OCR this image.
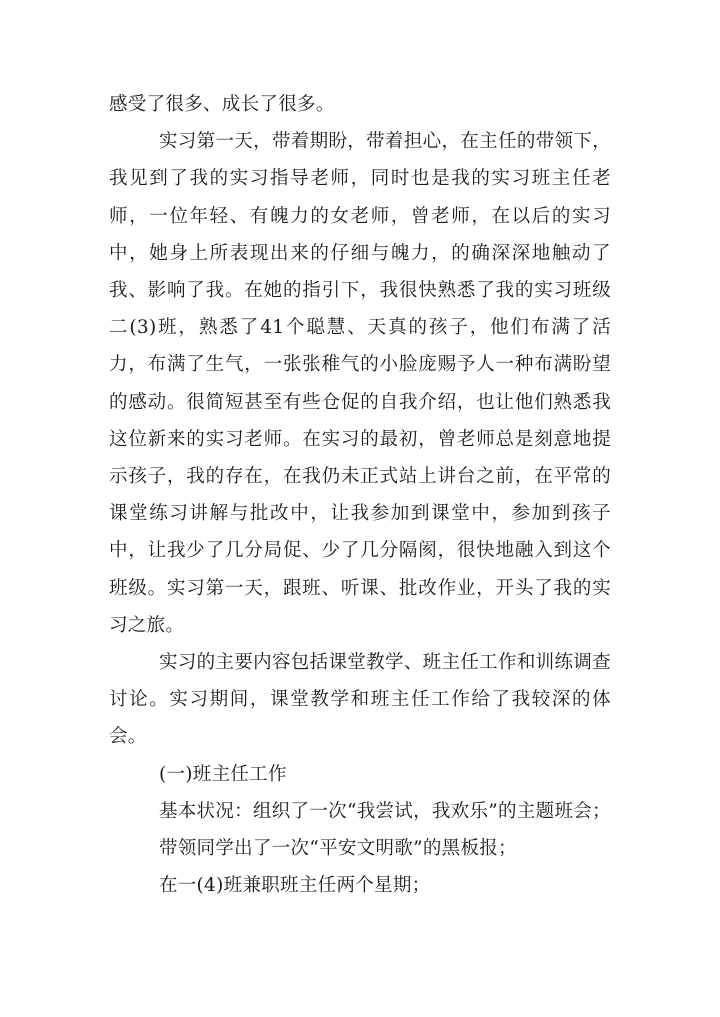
感受了很多、成长了很多。

实习第一天，带着期盼，带着担心，在主任的带领下，我见到了我的实习指导老师，同时也是我的实习班主任老师，一位年轻、有魄力的女老师，曾老师，在以后的实习中，她身上所表现出来的仔细与魄力，的确深深地触动了我、影响了我。在她的指引下，我很快熟悉了我的实习班级二(3)班，熟悉了41个聪慧、天真的孩子，他们布满了活力，布满了生气，一张张稚气的小脸庞赐予人一种布满盼望的感动。很简短甚至有些仓促的自我介绍，也让他们熟悉我这位新来的实习老师。在实习的最初，曾老师总是刻意地提示孩子，我的存在，在我仍未正式站上讲台之前，在平常的课堂练习讲解与批改中，让我参加到课堂中，参加到孩子中，让我少了几分局促、少了几分隔阂，很快地融入到这个班级。实习第一天，跟班、听课、批改作业，开头了我的实习之旅。

实习的主要内容包括课堂教学、班主任工作和训练调查讨论。实习期间，课堂教学和班主任工作给了我较深的体会。

(一)班主任工作

基本状况：组织了一次“我尝试，我欢乐”的主题班会；

带领同学出了一次“平安文明歌”的黑板报；

在一(4)班兼职班主任两个星期；
